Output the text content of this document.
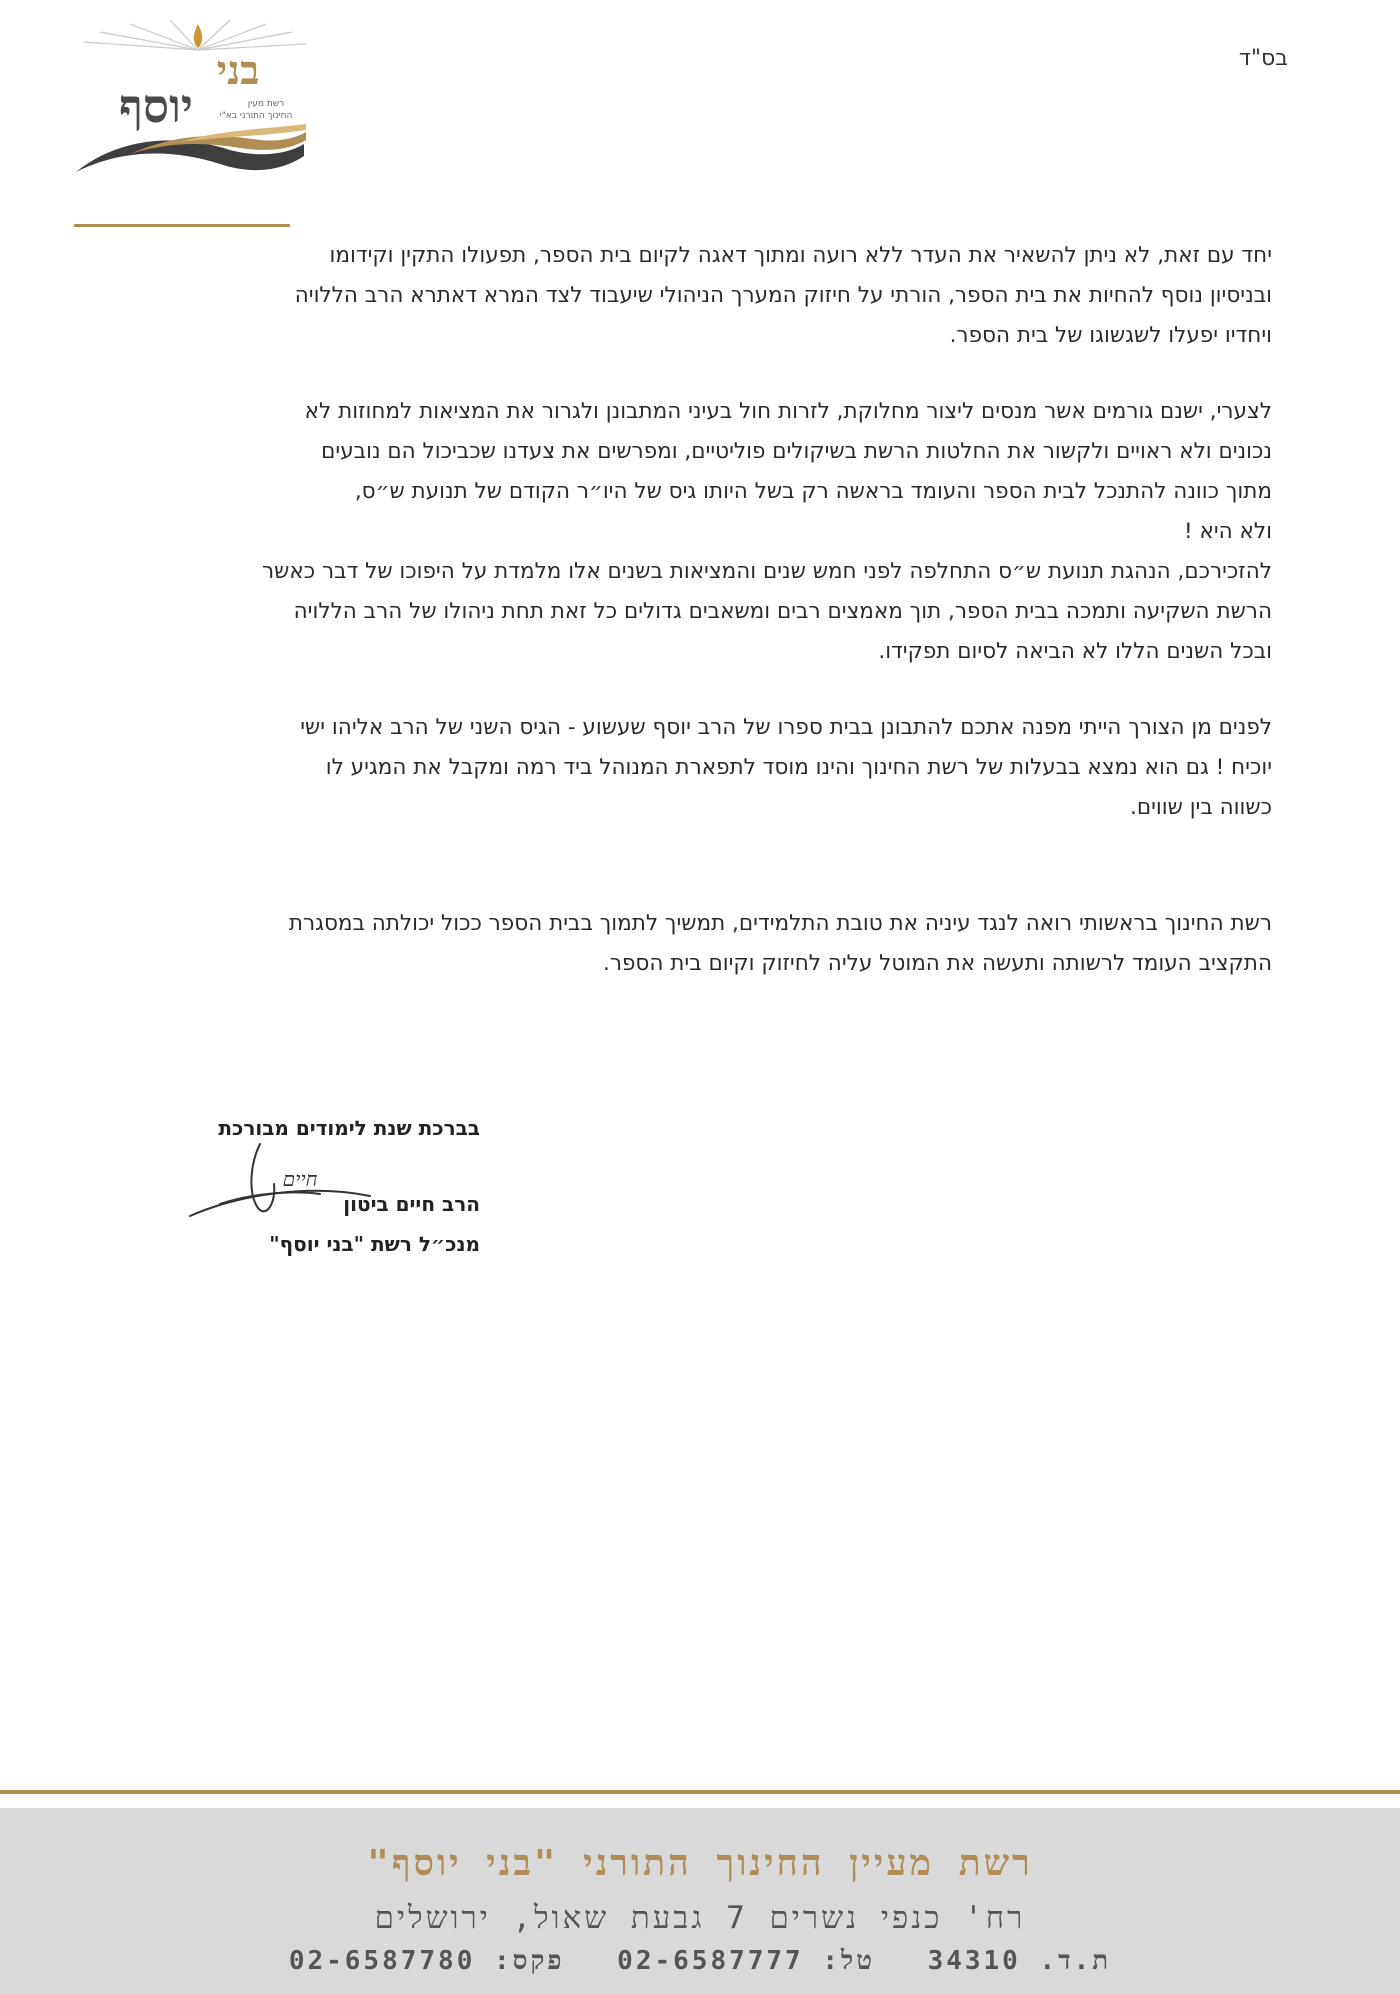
בס"ד
בני
יוסף	רשת מעין
החינוך התורני בא"י
יחד עם זאת, לא ניתן להשאיר את העדר ללא רועה ומתוך דאגה לקיום בית הספר, תפעולו התקין וקידומו
ובניסיון נוסף להחיות את בית הספר, הורתי על חיזוק המערך הניהולי שיעבוד לצד המרא דאתרא הרב הללויה
ויחדיו יפעלו לשגשוגו של בית הספר.
לצערי, ישנם גורמים אשר מנסים ליצור מחלוקת, לזרות חול בעיני המתבונן ולגרור את המציאות למחוזות לא
נכונים ולא ראויים ולקשור את החלטות הרשת בשיקולים פוליטיים, ומפרשים את צעדנו שכביכול הם נובעים
מתוך כוונה להתנכל לבית הספר והעומד בראשה רק בשל היותו גיס של היו״ר הקודם של תנועת ש״ס,
ולא היא !
להזכירכם, הנהגת תנועת ש״ס התחלפה לפני חמש שנים והמציאות בשנים אלו מלמדת על היפוכו של דבר כאשר
הרשת השקיעה ותמכה בבית הספר, תוך מאמצים רבים ומשאבים גדולים כל זאת תחת ניהולו של הרב הללויה
ובכל השנים הללו לא הביאה לסיום תפקידו.
לפנים מן הצורך הייתי מפנה אתכם להתבונן בבית ספרו של הרב יוסף שעשוע - הגיס השני של הרב אליהו ישי
יוכיח ! גם הוא נמצא בבעלות של רשת החינוך והינו מוסד לתפארת המנוהל ביד רמה ומקבל את המגיע לו
כשווה בין שווים.
רשת החינוך בראשותי רואה לנגד עיניה את טובת התלמידים, תמשיך לתמוך בבית הספר ככול יכולתה במסגרת
התקציב העומד לרשותה ותעשה את המוטל עליה לחיזוק וקיום בית הספר.
בברכת שנת לימודים מבורכת
הרב חיים ביטון
מנכ״ל רשת "בני יוסף"
חיים
רשת מעיין החינוך התורני "בני יוסף"
רח' כנפי נשרים 7 גבעת שאול, ירושלים
ת.ד. 34310 טל: 02-6587777 פקס: 02-6587780
